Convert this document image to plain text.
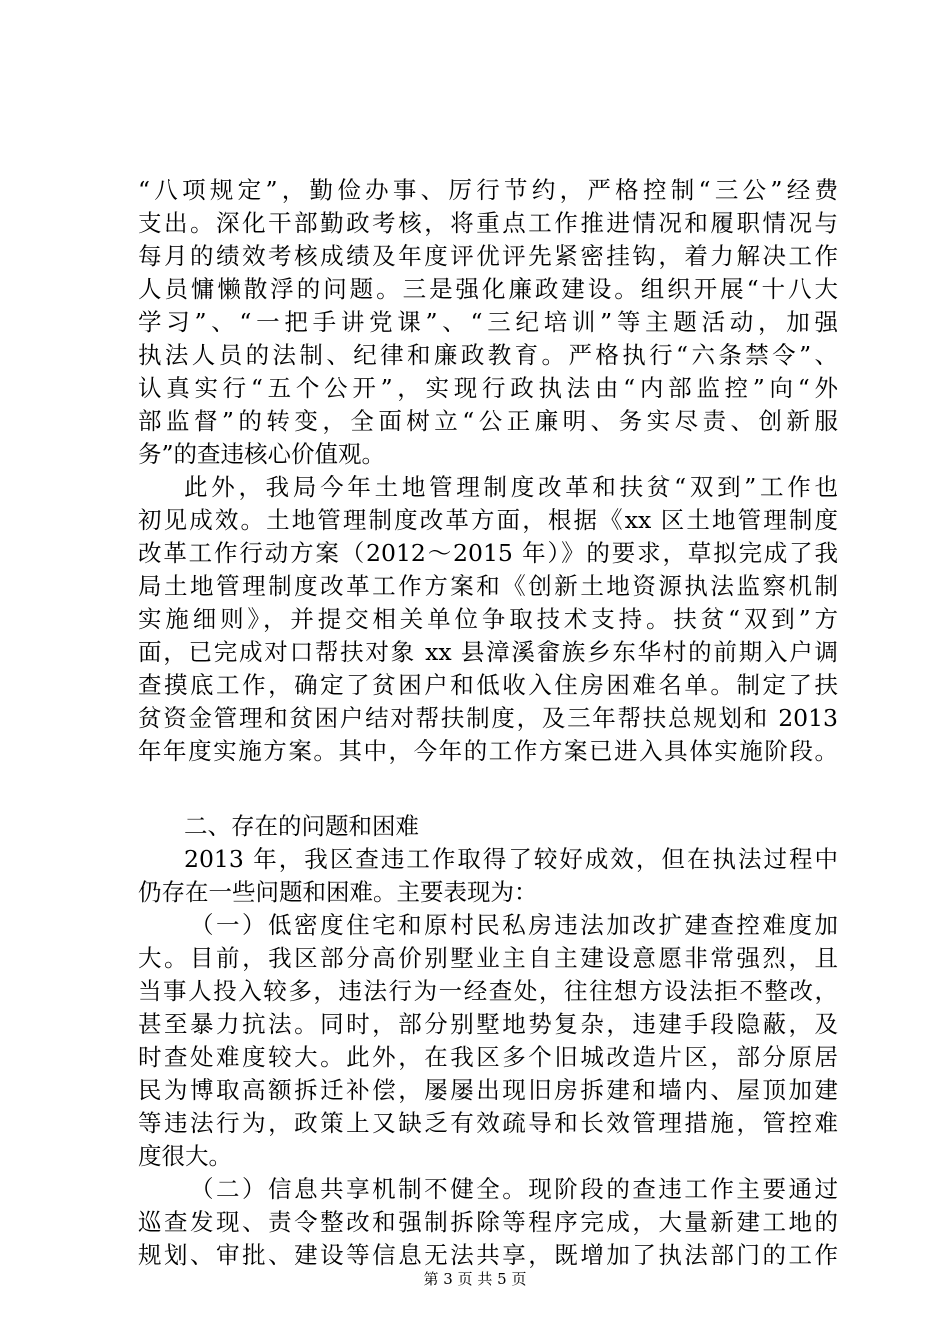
“八项规定”，勤俭办事、厉行节约，严格控制“三公”经费
支出。深化干部勤政考核，将重点工作推进情况和履职情况与
每月的绩效考核成绩及年度评优评先紧密挂钩，着力解决工作
人员慵懒散浮的问题。三是强化廉政建设。组织开展“十八大
学习”、“一把手讲党课”、“三纪培训”等主题活动，加强
执法人员的法制、纪律和廉政教育。严格执行“六条禁令”、
认真实行“五个公开”，实现行政执法由“内部监控”向“外
部监督”的转变，全面树立“公正廉明、务实尽责、创新服
务”的查违核心价值观。
此外，我局今年土地管理制度改革和扶贫“双到”工作也
初见成效。土地管理制度改革方面，根据《xx 区土地管理制度
改革工作行动方案（2012～2015 年）》的要求，草拟完成了我
局土地管理制度改革工作方案和《创新土地资源执法监察机制
实施细则》，并提交相关单位争取技术支持。扶贫“双到”方
面，已完成对口帮扶对象 xx 县漳溪畲族乡东华村的前期入户调
查摸底工作，确定了贫困户和低收入住房困难名单。制定了扶
贫资金管理和贫困户结对帮扶制度，及三年帮扶总规划和 2013
年年度实施方案。其中，今年的工作方案已进入具体实施阶段。
二、存在的问题和困难
2013 年，我区查违工作取得了较好成效，但在执法过程中
仍存在一些问题和困难。主要表现为：
（一）低密度住宅和原村民私房违法加改扩建查控难度加
大。目前，我区部分高价别墅业主自主建设意愿非常强烈，且
当事人投入较多，违法行为一经查处，往往想方设法拒不整改，
甚至暴力抗法。同时，部分别墅地势复杂，违建手段隐蔽，及
时查处难度较大。此外，在我区多个旧城改造片区，部分原居
民为博取高额拆迁补偿，屡屡出现旧房拆建和墙内、屋顶加建
等违法行为，政策上又缺乏有效疏导和长效管理措施，管控难
度很大。
（二）信息共享机制不健全。现阶段的查违工作主要通过
巡查发现、责令整改和强制拆除等程序完成，大量新建工地的
规划、审批、建设等信息无法共享，既增加了执法部门的工作
第 3 页 共 5 页
